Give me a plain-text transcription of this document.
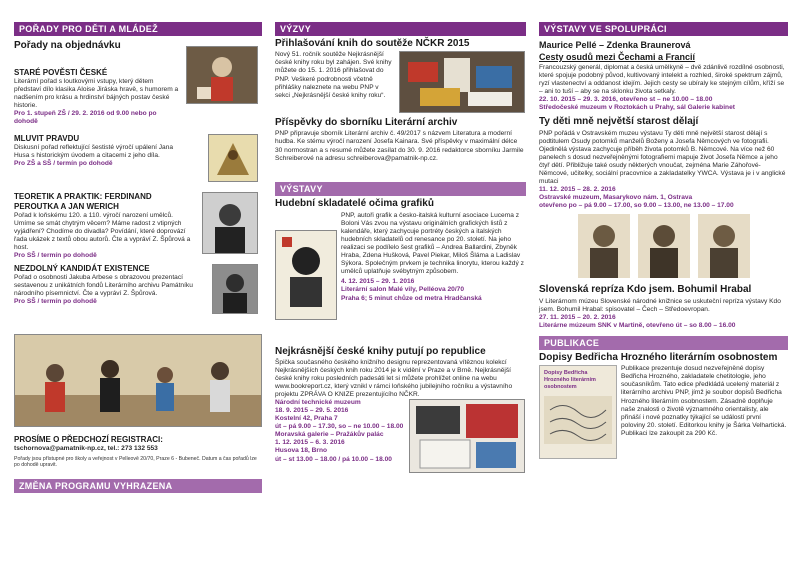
POŘADY PRO DĚTI A MLÁDEŽ
Pořady na objednávku
STARÉ POVĚSTI ČESKÉ
Literární pořad s loutkovými vstupy, který dětem představí dílo klasika Aloise Jiráska hravě, s humorem a nadšením pro krásu a hrdinství bájných postav české historie.
Pro 1. stupeň ZŠ / 29. 2. 2016 od 9.00 nebo po dohodě
MLUVIT PRAVDU
Diskusní pořad reflektující šestisté výročí upálení Jana Husa s historickým úvodem a citacemi z jeho díla.
Pro ZŠ a SŠ / termín po dohodě
TEORETIK A PRAKTIK: FERDINAND PEROUTKA A JAN WERICH
Pořad k loňskému 120. a 110. výročí narození umělců. Umíme se smát chytrým věcem? Máme radost z vtipných vyjádření? Chodíme do divadla? Povídání, které doprovází řada ukázek z textů obou autorů. Čte a vypráví Z. Špůrová a host.
Pro SŠ / termín po dohodě
NEZDOLNÝ KANDIDÁT EXISTENCE
Pořad o osobnosti Jakuba Arbese s obrazovou prezentací sestavenou z unikátních fondů Literárního archivu Památníku národního písemnictví. Čte a vypráví Z. Špůrová.
Pro SŠ / termín po dohodě
PROSÍME O PŘEDCHOZÍ REGISTRACI:
tschornova@pamatnik-np.cz, tel.: 273 132 553
Pořady jsou přístupné pro školy a veřejnost v Pelleově 20/70, Praze 6 - Bubeneč. Datum a čas pořadů lze po dohodě upravit.
ZMĚNA PROGRAMU VYHRAZENA
VÝZVY
Přihlašování knih do soutěže NČKR 2015
Nový 51. ročník soutěže Nejkrásnější české knihy roku byl zahájen. Své knihy můžete do 15. 1. 2016 přihlašovat do PNP. Veškeré podrobnosti včetně přihlášky naleznete na webu PNP v sekci „Nejkrásnější české knihy roku“.
Příspěvky do sborníku Literární archiv
PNP připravuje sborník Literární archiv č. 49/2017 s názvem Literatura a moderní hudba. Ke stému výročí narození Josefa Kainara. Své příspěvky v maximální délce 30 normostran a s resumé můžete zasílat do 30. 9. 2016 redaktorce sborníku Jarmile Schreiberové na adresu schreiberova@pamatnik-np.cz.
VÝSTAVY
Hudební skladatelé očima grafiků
PNP, autoři grafik a česko-italská kulturní asociace Lucema z Boloni Vás zvou na výstavu originálních grafických listů z kalendáře, který zachycuje portréty českých a italských hudebních skladatelů od renesance po 20. století. Na jeho realizaci se podílelo šest grafiků – Andrea Ballardini, Zbyněk Hraba, Zdena Hušková, Pavel Piekar, Miloš Šláma a Ladislav Sýkora. Společným prvkem je technika linorytu, kterou každý z umělců uplatňuje svébytným způsobem.
4. 12. 2015 – 29. 1. 2016
Literární salon Malé vily, Pelléova 20/70
Praha 6; 5 minut chůze od metra Hradčanská
Nejkrásnější české knihy putují po republice
Špička současného českého knižního designu reprezentovaná vítěznou kolekcí Nejkrásnějších českých knih roku 2014 je k vidění v Praze a v Brně. Nejkrásnější české knihy roku posledních padesáti let si můžete prohlížet online na webu www.bookreport.cz, který vznikl v rámci loňského jubilejního ročníku a výstavního projektu ZPRÁVA O KNIZE prezentujícího NČKR.
Národní technické muzeum
18. 9. 2015 – 29. 5. 2016
Kostelní 42, Praha 7
út – pá 9.00 – 17.30, so – ne 10.00 – 18.00
Moravská galerie – Pražákův palác
1. 12. 2015 – 6. 3. 2016
Husova 18, Brno
út – st 13.00 – 18.00 / pá 10.00 – 18.00
VÝSTAVY VE SPOLUPRÁCI
Maurice Pellé – Zdenka Braunerová
Cesty osudů mezi Čechami a Francií
Francouzský generál, diplomat a česká umělkyně – dvě zdánlivě rozdílné osobnosti, které spojuje podobný původ, kultivovaný intelekt a rozhled, široké spektrum zájmů, ryzí vlastenectví a oddanost idejím. Jejich cesty se ubíraly ke stejným cílům, kříží se – ani to tuší – aby se na sklonku života setkaly.
22. 10. 2015 – 29. 3. 2016, otevřeno st – ne 10.00 – 18.00
Středočeské muzeum v Roztokách u Prahy, sál Galerie kabinet
Ty děti mně největší starost dělají
PNP pořádá v Ostravském muzeu výstavu Ty děti mně největší starost dělají s podtitulem Osudy potomků manželů Boženy a Josefa Němcových ve fotografii. Ojedinělá výstava zachycuje příběh života potomků B. Němcové. Na více než 60 panelech s dosud nezveřejněnými fotografiemi mapuje život Josefa Němce a jeho čtyř dětí. Přibližuje také osudy některých vnoučat, zejména Marie Záhořové-Němcové, učitelky, sociální pracovnice a zakladatelky YWCA. Výstava je i v anglické mutaci
11. 12. 2015 – 28. 2. 2016
Ostravské muzeum, Masarykovo nám. 1, Ostrava
otevřeno po – pá 9.00 – 17.00, so 9.00 – 13.00, ne 13.00 – 17.00
Slovenská repríza Kdo jsem. Bohumil Hrabal
V Literárnom múzeu Slovenské národné knižnice se uskuteční repríza výstavy Kdo jsem. Bohumil Hrabal: spisovatel – Čech – Středoevropan.
27. 11. 2015 – 20. 2. 2016
Literárne múzeum SNK v Martině, otevřeno út – so 8.00 – 16.00
PUBLIKACE
Dopisy Bedřicha Hrozného literárním osobnostem
Dopisy Bedřicha Hrozného literárním osobnostem
Publikace prezentuje dosud nezveřejněné dopisy Bedřicha Hrozného, zakladatele chetitologie, jeho současníkům. Tato edice předkládá ucelený materiál z literárního archivu PNP, jímž je soubor dopisů Bedřicha Hrozného literárním osobnostem. Zásadně doplňuje naše znalosti o životě významného orientalisty, ale přináší i nové poznatky týkající se událostí první poloviny 20. století. Editorkou knihy je Šárka Velhartická. Publikaci lze zakoupit za 290 Kč.
